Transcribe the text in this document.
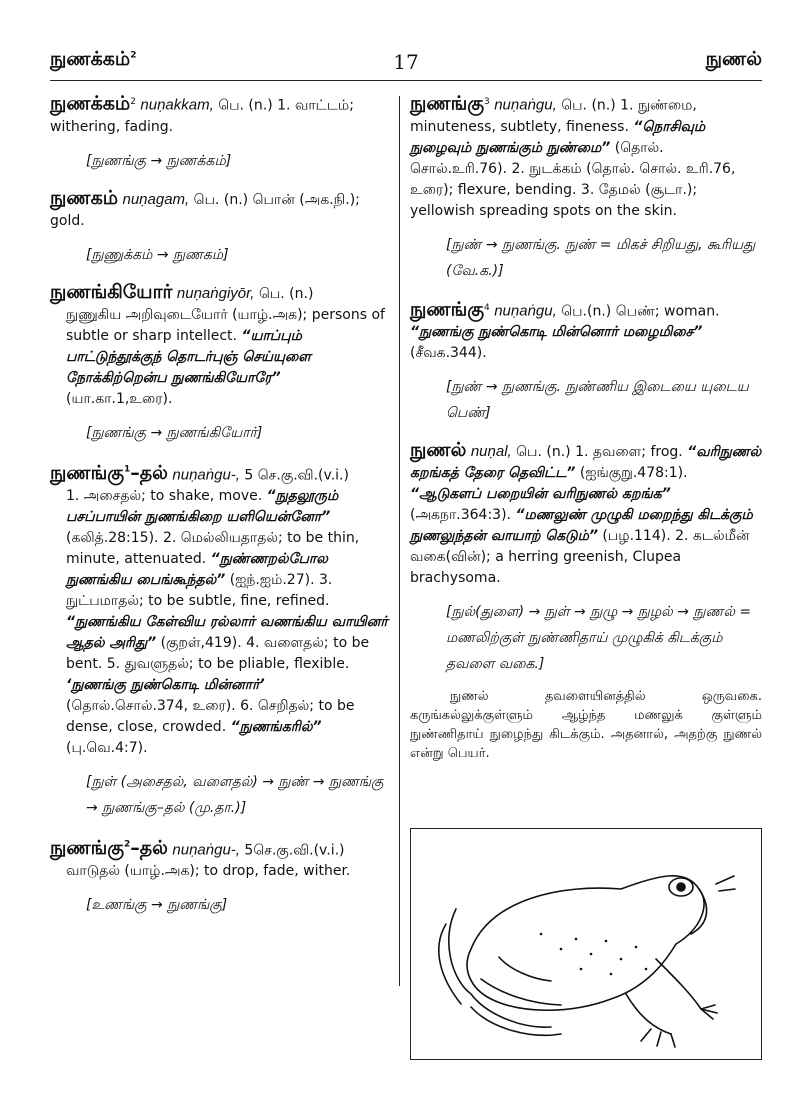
நுணக்கம்$^2$	17	நுணல்
நுணக்கம்$^2$ nuṇakkam, பெ. (n.) 1. வாட்டம்; withering, fading.
[நுணங்கு → நுணக்கம்]
நுணகம் nuṇagam, பெ. (n.) பொன் (அக.நி.); gold.
[நுணுக்கம் → நுணகம்]
நுணங்கியோர் nuṇaṅgiyōr, பெ. (n.)
நுணுகிய அறிவுடையோர் (யாழ்.அக); persons of subtle or sharp intellect. “யாப்பும் பாட்டுந்தூக்குந் தொடர்புஞ் செய்யுளை நோக்கிற்றென்ப நுணங்கியோரே” (யா.கா.1,உரை).
[நுணங்கு → நுணங்கியோர்]
நுணங்கு$^1$–தல் nuṇaṅgu-, 5 செ.கு.வி.(v.i.)
1. அசைதல்; to shake, move. “நுதலூரும் பசப்பாயின் நுணங்கிறை யளியென்னோ” (கலித்.28:15). 2. மெல்லியதாதல்; to be thin, minute, attenuated. “நுண்ணறல்போல நுணங்கிய பைங்கூந்தல்” (ஐந்.ஐம்.27). 3. நுட்பமாதல்; to be subtle, fine, refined. “நுணங்கிய கேள்விய ரல்லார் வணங்கிய வாயினர் ஆதல் அரிது” (குறள்,419). 4. வளைதல்; to be bent. 5. துவளுதல்; to be pliable, flexible. ‘நுணங்கு நுண்கொடி மின்னார்’ (தொல்.சொல்.374, உரை). 6. செறிதல்; to be dense, close, crowded. “நுணங்கரில்” (பு.வெ.4:7).
[நுள் (அசைதல், வளைதல்) → நுண் → நுணங்கு → நுணங்கு–தல் (மு.தா.)]
நுணங்கு$^2$–தல் nuṇaṅgu-, 5செ.கு.வி.(v.i.)
வாடுதல் (யாழ்.அக); to drop, fade, wither.
[உணங்கு → நுணங்கு]
நுணங்கு$^3$ nuṇaṅgu, பெ. (n.) 1. நுண்மை, minuteness, subtlety, fineness. “நொசிவும் நுழைவும் நுணங்கும் நுண்மை” (தொல். சொல்.உரி.76). 2. நுடக்கம் (தொல். சொல். உரி.76, உரை); flexure, bending. 3. தேமல் (சூடா.); yellowish spreading spots on the skin.
[நுண் → நுணங்கு. நுண் = மிகச் சிறியது, கூரியது (வே.க.)]
நுணங்கு$^4$ nuṇaṅgu, பெ.(n.) பெண்; woman. “நுணங்கு நுண்கொடி மின்னொர் மழைமிசை” (சீவக.344).
[நுண் → நுணங்கு. நுண்ணிய இடையை யுடைய பெண்]
நுணல் nuṇal, பெ. (n.) 1. தவளை; frog. “வரிநுணல் கறங்கத் தேரை தெவிட்ட” (ஐங்குறு.478:1). “ஆடுகளப் பறையின் வரிநுணல் கறங்க” (அகநா.364:3). “மணலுண் முழுகி மறைந்து கிடக்கும் நுணலுந்தன் வாயாற் கெடும்” (பழ.114). 2. கடல்மீன் வகை(வின்); a herring greenish, Clupea brachysoma.
[நுல்(துளை) → நுள் → நுழு → நுழல் → நுணல் = மணலிற்குள் நுண்ணிதாய் முழுகிக் கிடக்கும் தவளை வகை.]
நுணல் தவளையினத்தில் ஒருவகை. கருங்கல்லுக்குள்ளும் ஆழ்ந்த மணலுக் குள்ளும் நுண்ணிதாய் நுழைந்து கிடக்கும். அதனால், அதற்கு நுணல் என்று பெயர்.
